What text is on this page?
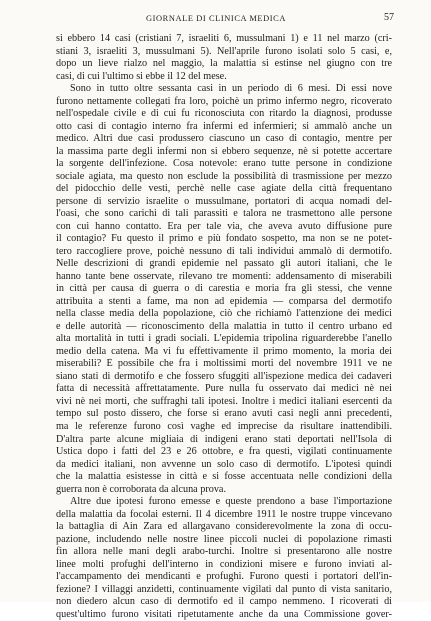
GIORNALE DI CLINICA MEDICA	57
si ebbero 14 casi (cristiani 7, israeliti 6, mussulmani 1) e 11 nel marzo (cri-
stiani 3, israeliti 3, mussulmani 5). Nell'aprile furono isolati solo 5 casi, e,
dopo un lieve rialzo nel maggio, la malattia si estinse nel giugno con tre
casi, di cui l'ultimo si ebbe il 12 del mese.
Sono in tutto oltre sessanta casi in un periodo di 6 mesi. Di essi nove
furono nettamente collegati fra loro, poichè un primo infermo negro, ricoverato
nell'ospedale civile e di cui fu riconosciuta con ritardo la diagnosi, produsse
otto casi di contagio interno fra infermi ed infermieri; si ammalò anche un
medico. Altri due casi produssero ciascuno un caso di contagio, mentre per
la massima parte degli infermi non si ebbero sequenze, nè si potette accertare
la sorgente dell'infezione. Cosa notevole: erano tutte persone in condizione
sociale agiata, ma questo non esclude la possibilità di trasmissione per mezzo
del pidocchio delle vesti, perchè nelle case agiate della città frequentano
persone di servizio israelite o mussulmane, portatori di acqua nomadi del-
l'oasi, che sono carichi di tali parassiti e talora ne trasmettono alle persone
con cui hanno contatto. Era per tale via, che aveva avuto diffusione pure
il contagio? Fu questo il primo e più fondato sospetto, ma non se ne potet-
tero raccogliere prove, poichè nessuno di tali individui ammalò di dermotifo.
Nelle descrizioni di grandi epidemie nel passato gli autori italiani, che le
hanno tante bene osservate, rilevano tre momenti: addensamento di miserabili
in città per causa di guerra o di carestia e moria fra gli stessi, che venne
attribuita a stenti a fame, ma non ad epidemia — comparsa del dermotifo
nella classe media della popolazione, ciò che richiamò l'attenzione dei medici
e delle autorità — riconoscimento della malattia in tutto il centro urbano ed
alta mortalità in tutti i gradi sociali. L'epidemia tripolina riguarderebbe l'anello
medio della catena. Ma vi fu effettivamente il primo momento, la moria dei
miserabili? È possibile che fra i moltissimi morti del novembre 1911 ve ne
siano stati di dermotifo e che fossero sfuggiti all'ispezione medica dei cadaveri
fatta di necessità affrettatamente. Pure nulla fu osservato dai medici nè nei
vivi nè nei morti, che suffraghi tali ipotesi. Inoltre i medici italiani esercenti da
tempo sul posto dissero, che forse si erano avuti casi negli anni precedenti,
ma le referenze furono così vaghe ed imprecise da risultare inattendibili.
D'altra parte alcune migliaia di indigeni erano stati deportati nell'Isola di
Ustica dopo i fatti del 23 e 26 ottobre, e fra questi, vigilati continuamente
da medici italiani, non avvenne un solo caso di dermotifo. L'ipotesi quindi
che la malattia esistesse in città e si fosse accentuata nelle condizioni della
guerra non è corroborata da alcuna prova.
Altre due ipotesi furono emesse e queste prendono a base l'importazione
della malattia da focolai esterni. Il 4 dicembre 1911 le nostre truppe vincevano
la battaglia di Ain Zara ed allargavano considerevolmente la zona di occu-
pazione, includendo nelle nostre linee piccoli nuclei di popolazione rimasti
fin allora nelle mani degli arabo-turchi. Inoltre si presentarono alle nostre
linee molti profughi dell'interno in condizioni misere e furono inviati al-
l'accampamento dei mendicanti e profughi. Furono questi i portatori dell'in-
fezione? I villaggi anzidetti, continuamente vigilati dal punto di vista sanitario,
non diedero alcun caso di dermotifo ed il campo nemmeno. I ricoverati di
quest'ultimo furono visitati ripetutamente anche da una Commissione gover-
